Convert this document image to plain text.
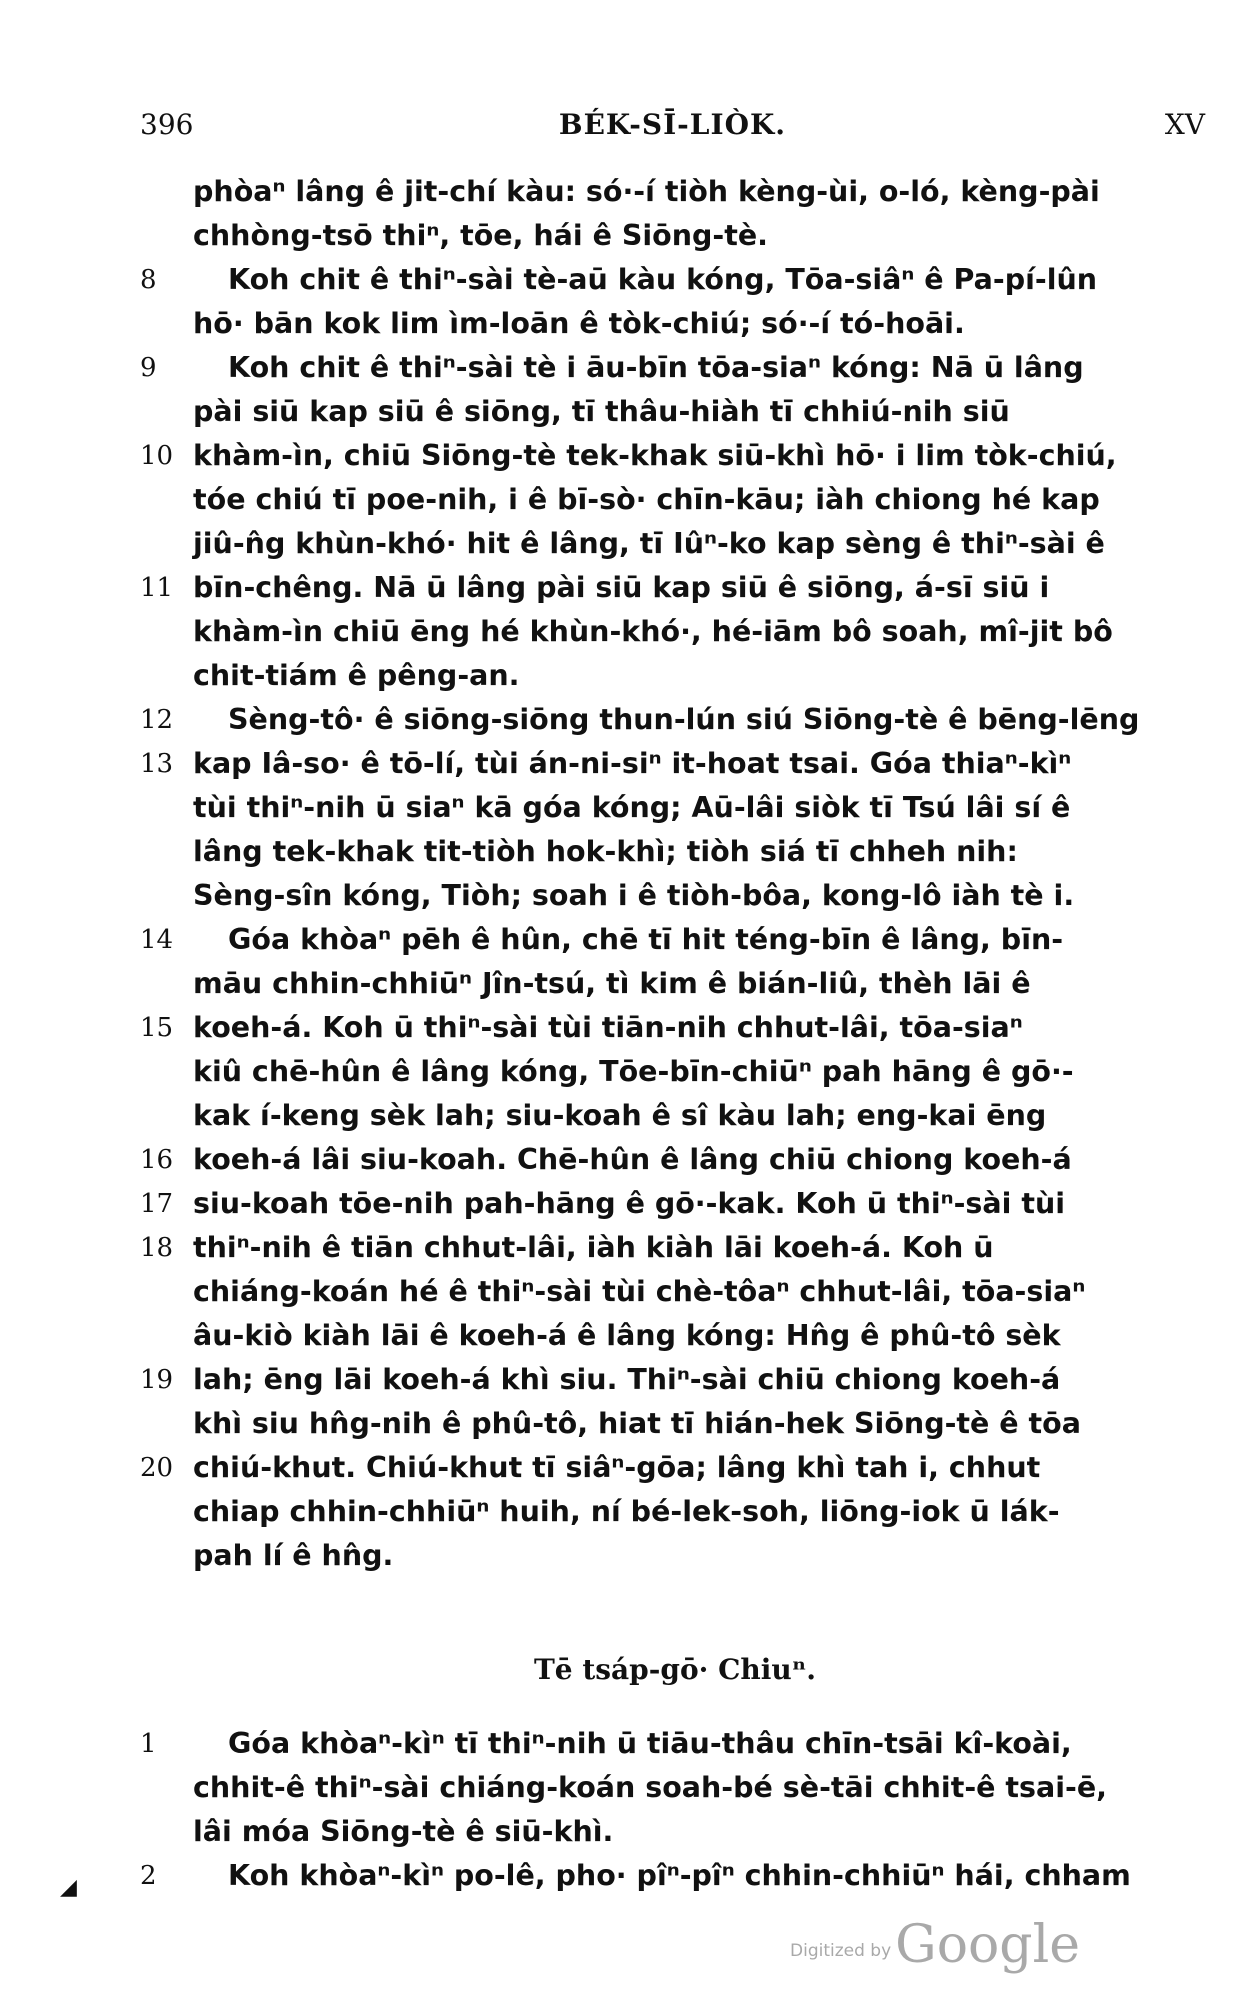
396	BÉK-SĪ-LIÒK.	XV
phòaⁿ lâng ê jit-chí kàu: só·-í tiòh kèng-ùi, o-ló, kèng-pài
chhòng-tsō thiⁿ, tōe, hái ê Siōng-tè.
8	Koh chit ê thiⁿ-sài tè-aū kàu kóng, Tōa-siâⁿ ê Pa-pí-lûn
hō· bān kok lim ìm-loān ê tòk-chiú; só·-í tó-hoāi.
9	Koh chit ê thiⁿ-sài tè i āu-bīn tōa-siaⁿ kóng: Nā ū lâng
pài siū kap siū ê siōng, tī thâu-hiàh tī chhiú-nih siū
10 khàm-ìn, chiū Siōng-tè tek-khak siū-khì hō· i lim tòk-chiú,
tóe chiú tī poe-nih, i ê bī-sò· chīn-kāu; iàh chiong hé kap
jiû-n̂g khùn-khó· hit ê lâng, tī Iûⁿ-ko kap sèng ê thiⁿ-sài ê
11 bīn-chêng. Nā ū lâng pài siū kap siū ê siōng, á-sī siū i
khàm-ìn chiū ēng hé khùn-khó·, hé-iām bô soah, mî-jit bô
chit-tiám ê pêng-an.
12 Sèng-tô· ê siōng-siōng thun-lún siú Siōng-tè ê bēng-lēng
13 kap Iâ-so· ê tō-lí, tùi án-ni-siⁿ it-hoat tsai. Góa thiaⁿ-kìⁿ
tùi thiⁿ-nih ū siaⁿ kā góa kóng; Aū-lâi siòk tī Tsú lâi sí ê
lâng tek-khak tit-tiòh hok-khì; tiòh siá tī chheh nih:
Sèng-sîn kóng, Tiòh; soah i ê tiòh-bôa, kong-lô iàh tè i.
14 Góa khòaⁿ pēh ê hûn, chē tī hit téng-bīn ê lâng, bīn-
māu chhin-chhiūⁿ Jîn-tsú, tì kim ê bián-liû, thèh lāi ê
15 koeh-á. Koh ū thiⁿ-sài tùi tiān-nih chhut-lâi, tōa-siaⁿ
kiû chē-hûn ê lâng kóng, Tōe-bīn-chiūⁿ pah hāng ê gō·-
kak í-keng sèk lah; siu-koah ê sî kàu lah; eng-kai ēng
16 koeh-á lâi siu-koah. Chē-hûn ê lâng chiū chiong koeh-á
17 siu-koah tōe-nih pah-hāng ê gō·-kak. Koh ū thiⁿ-sài tùi
18 thiⁿ-nih ê tiān chhut-lâi, iàh kiàh lāi koeh-á. Koh ū
chiáng-koán hé ê thiⁿ-sài tùi chè-tôaⁿ chhut-lâi, tōa-siaⁿ
âu-kiò kiàh lāi ê koeh-á ê lâng kóng: Hn̂g ê phû-tô sèk
19 lah; ēng lāi koeh-á khì siu. Thiⁿ-sài chiū chiong koeh-á
khì siu hn̂g-nih ê phû-tô, hiat tī hián-hek Siōng-tè ê tōa
20 chiú-khut. Chiú-khut tī siâⁿ-gōa; lâng khì tah i, chhut
chiap chhin-chhiūⁿ huih, ní bé-lek-soh, liōng-iok ū lák-
pah lí ê hn̂g.
Tē tsáp-gō· Chiuⁿ.
1	Góa khòaⁿ-kìⁿ tī thiⁿ-nih ū tiāu-thâu chīn-tsāi kî-koài,
chhit-ê thiⁿ-sài chiáng-koán soah-bé sè-tāi chhit-ê tsai-ē,
lâi móa Siōng-tè ê siū-khì.
2	Koh khòaⁿ-kìⁿ po-lê, pho· pîⁿ-pîⁿ chhin-chhiūⁿ hái, chham
◢
Digitized byGoogle
